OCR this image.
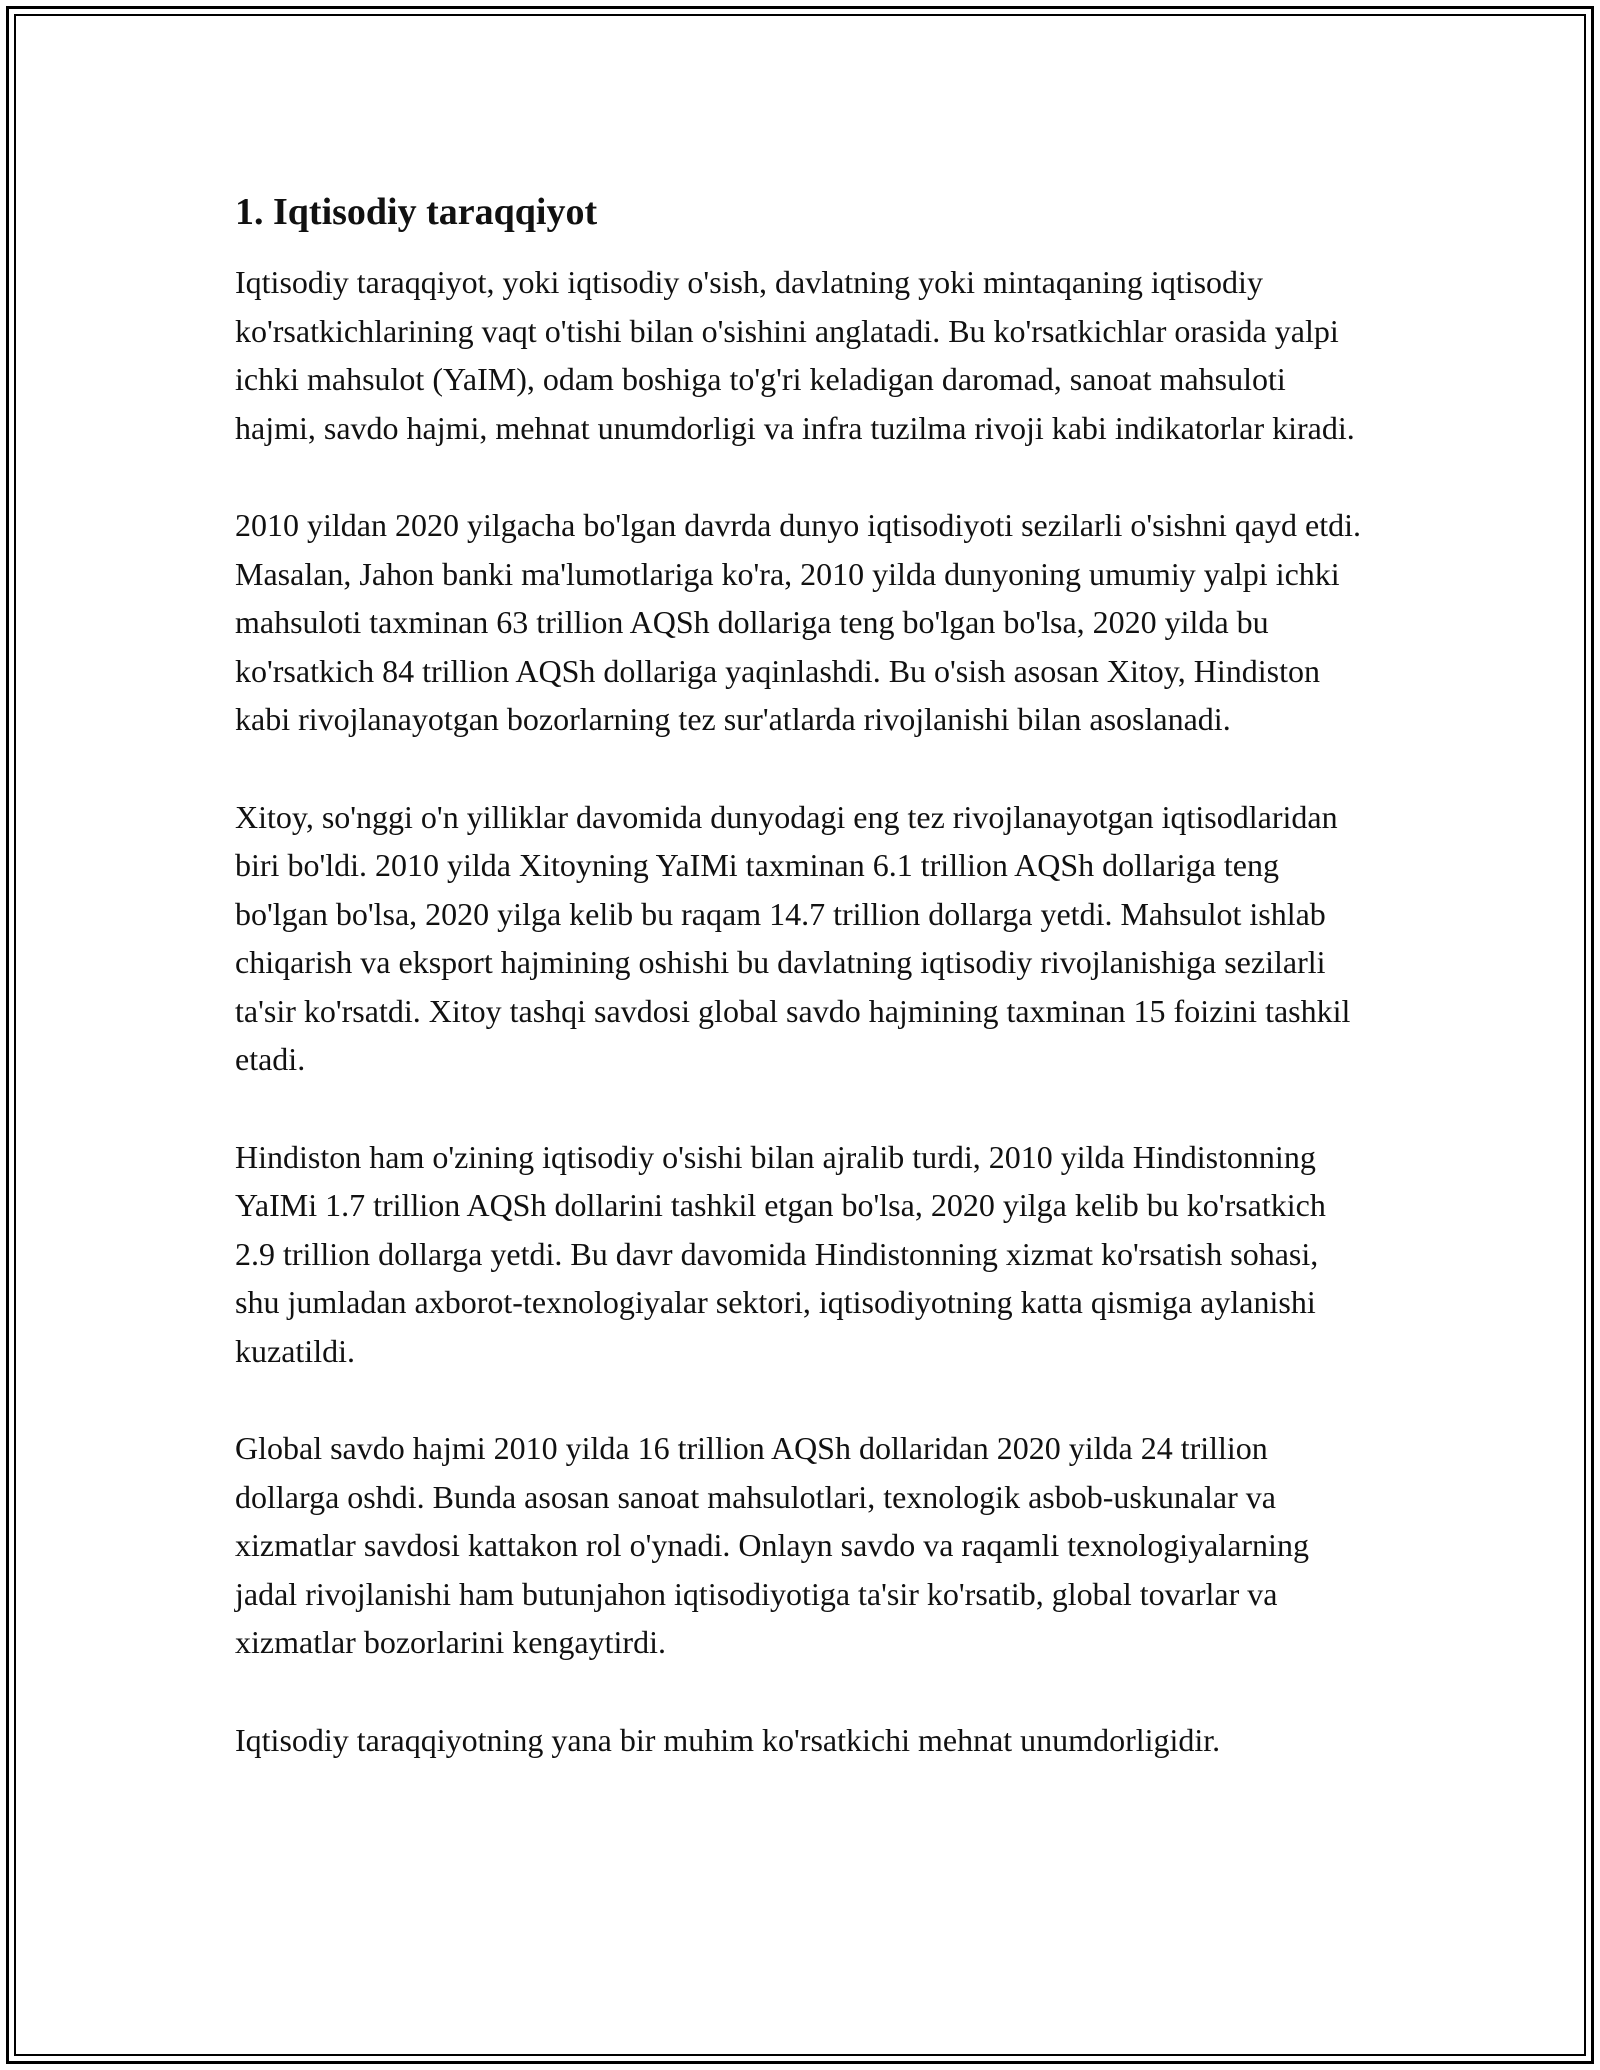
1. Iqtisodiy taraqqiyot

Iqtisodiy taraqqiyot, yoki iqtisodiy o'sish, davlatning yoki mintaqaning iqtisodiy ko'rsatkichlarining vaqt o'tishi bilan o'sishini anglatadi. Bu ko'rsatkichlar orasida yalpi ichki mahsulot (YaIM), odam boshiga to'g'ri keladigan daromad, sanoat mahsuloti hajmi, savdo hajmi, mehnat unumdorligi va infra tuzilma rivoji kabi indikatorlar kiradi.

2010 yildan 2020 yilgacha bo'lgan davrda dunyo iqtisodiyoti sezilarli o'sishni qayd etdi. Masalan, Jahon banki ma'lumotlariga ko'ra, 2010 yilda dunyoning umumiy yalpi ichki mahsuloti taxminan 63 trillion AQSh dollariga teng bo'lgan bo'lsa, 2020 yilda bu ko'rsatkich 84 trillion AQSh dollariga yaqinlashdi. Bu o'sish asosan Xitoy, Hindiston kabi rivojlanayotgan bozorlarning tez sur'atlarda rivojlanishi bilan asoslanadi.

Xitoy, so'nggi o'n yilliklar davomida dunyodagi eng tez rivojlanayotgan iqtisodlaridan biri bo'ldi. 2010 yilda Xitoyning YaIMi taxminan 6.1 trillion AQSh dollariga teng bo'lgan bo'lsa, 2020 yilga kelib bu raqam 14.7 trillion dollarga yetdi. Mahsulot ishlab chiqarish va eksport hajmining oshishi bu davlatning iqtisodiy rivojlanishiga sezilarli ta'sir ko'rsatdi. Xitoy tashqi savdosi global savdo hajmining taxminan 15 foizini tashkil etadi.

Hindiston ham o'zining iqtisodiy o'sishi bilan ajralib turdi, 2010 yilda Hindistonning YaIMi 1.7 trillion AQSh dollarini tashkil etgan bo'lsa, 2020 yilga kelib bu ko'rsatkich 2.9 trillion dollarga yetdi. Bu davr davomida Hindistonning xizmat ko'rsatish sohasi, shu jumladan axborot-texnologiyalar sektori, iqtisodiyotning katta qismiga aylanishi kuzatildi.

Global savdo hajmi 2010 yilda 16 trillion AQSh dollaridan 2020 yilda 24 trillion dollarga oshdi. Bunda asosan sanoat mahsulotlari, texnologik asbob-uskunalar va xizmatlar savdosi kattakon rol o'ynadi. Onlayn savdo va raqamli texnologiyalarning jadal rivojlanishi ham butunjahon iqtisodiyotiga ta'sir ko'rsatib, global tovarlar va xizmatlar bozorlarini kengaytirdi.

Iqtisodiy taraqqiyotning yana bir muhim ko'rsatkichi mehnat unumdorligidir.
